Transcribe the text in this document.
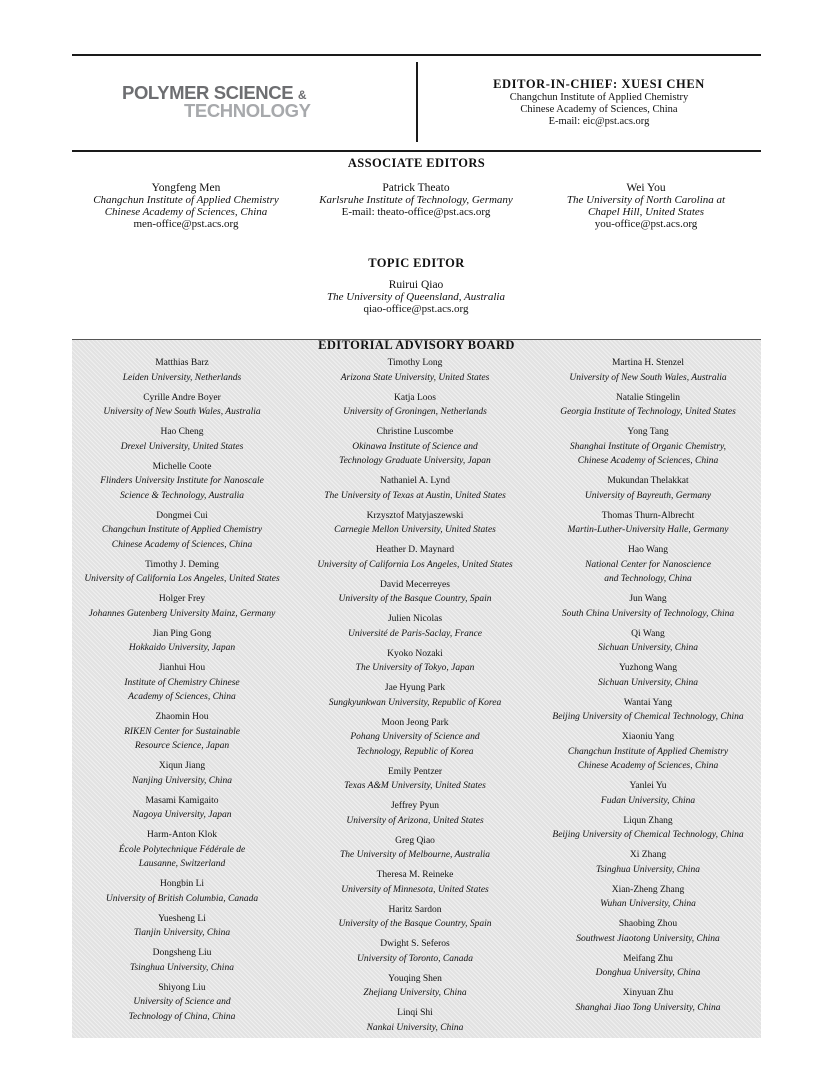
POLYMER SCIENCE &
TECHNOLOGY
EDITOR-IN-CHIEF: XUESI CHEN
Changchun Institute of Applied Chemistry
Chinese Academy of Sciences, China
E-mail: eic@pst.acs.org
ASSOCIATE EDITORS
Yongfeng Men
Changchun Institute of Applied Chemistry
Chinese Academy of Sciences, China
men-office@pst.acs.org
Patrick Theato
Karlsruhe Institute of Technology, Germany
E-mail: theato-office@pst.acs.org
Wei You
The University of North Carolina at
Chapel Hill, United States
you-office@pst.acs.org
TOPIC EDITOR
Ruirui Qiao
The University of Queensland, Australia
qiao-office@pst.acs.org
EDITORIAL ADVISORY BOARD
Matthias Barz
Leiden University, Netherlands
Cyrille Andre Boyer
University of New South Wales, Australia
Hao Cheng
Drexel University, United States
Michelle Coote
Flinders University Institute for Nanoscale
Science & Technology, Australia
Dongmei Cui
Changchun Institute of Applied Chemistry
Chinese Academy of Sciences, China
Timothy J. Deming
University of California Los Angeles, United States
Holger Frey
Johannes Gutenberg University Mainz, Germany
Jian Ping Gong
Hokkaido University, Japan
Jianhui Hou
Institute of Chemistry Chinese
Academy of Sciences, China
Zhaomin Hou
RIKEN Center for Sustainable
Resource Science, Japan
Xiqun Jiang
Nanjing University, China
Masami Kamigaito
Nagoya University, Japan
Harm-Anton Klok
École Polytechnique Fédérale de
Lausanne, Switzerland
Hongbin Li
University of British Columbia, Canada
Yuesheng Li
Tianjin University, China
Dongsheng Liu
Tsinghua University, China
Shiyong Liu
University of Science and
Technology of China, China
Timothy Long
Arizona State University, United States
Katja Loos
University of Groningen, Netherlands
Christine Luscombe
Okinawa Institute of Science and
Technology Graduate University, Japan
Nathaniel A. Lynd
The University of Texas at Austin, United States
Krzysztof Matyjaszewski
Carnegie Mellon University, United States
Heather D. Maynard
University of California Los Angeles, United States
David Mecerreyes
University of the Basque Country, Spain
Julien Nicolas
Université de Paris-Saclay, France
Kyoko Nozaki
The University of Tokyo, Japan
Jae Hyung Park
Sungkyunkwan University, Republic of Korea
Moon Jeong Park
Pohang University of Science and
Technology, Republic of Korea
Emily Pentzer
Texas A&M University, United States
Jeffrey Pyun
University of Arizona, United States
Greg Qiao
The University of Melbourne, Australia
Theresa M. Reineke
University of Minnesota, United States
Haritz Sardon
University of the Basque Country, Spain
Dwight S. Seferos
University of Toronto, Canada
Youqing Shen
Zhejiang University, China
Linqi Shi
Nankai University, China
Martina H. Stenzel
University of New South Wales, Australia
Natalie Stingelin
Georgia Institute of Technology, United States
Yong Tang
Shanghai Institute of Organic Chemistry,
Chinese Academy of Sciences, China
Mukundan Thelakkat
University of Bayreuth, Germany
Thomas Thurn-Albrecht
Martin-Luther-University Halle, Germany
Hao Wang
National Center for Nanoscience
and Technology, China
Jun Wang
South China University of Technology, China
Qi Wang
Sichuan University, China
Yuzhong Wang
Sichuan University, China
Wantai Yang
Beijing University of Chemical Technology, China
Xiaoniu Yang
Changchun Institute of Applied Chemistry
Chinese Academy of Sciences, China
Yanlei Yu
Fudan University, China
Liqun Zhang
Beijing University of Chemical Technology, China
Xi Zhang
Tsinghua University, China
Xian-Zheng Zhang
Wuhan University, China
Shaobing Zhou
Southwest Jiaotong University, China
Meifang Zhu
Donghua University, China
Xinyuan Zhu
Shanghai Jiao Tong University, China
